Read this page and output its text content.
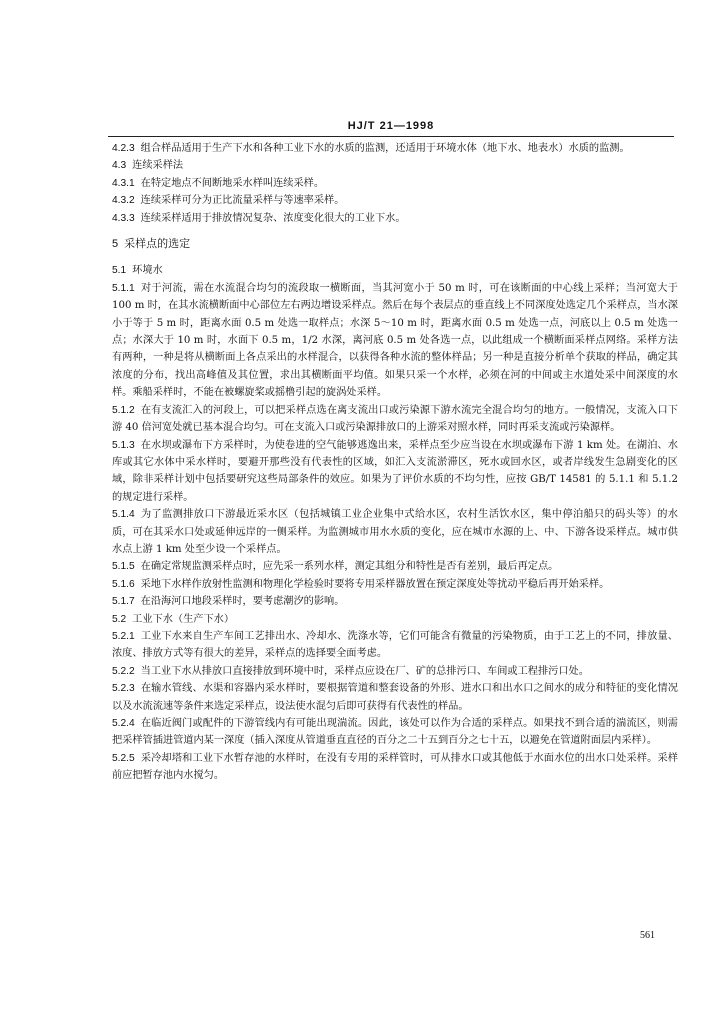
HJ/T 21—1998

4.2.3 组合样品适用于生产下水和各种工业下水的水质的监测，还适用于环境水体（地下水、地表水）水质的监测。

4.3 连续采样法

4.3.1 在特定地点不间断地采水样叫连续采样。

4.3.2 连续采样可分为正比流量采样与等速率采样。

4.3.3 连续采样适用于排放情况复杂、浓度变化很大的工业下水。

5 采样点的选定

5.1 环境水

5.1.1 对于河流，需在水流混合均匀的流段取一横断面，当其河宽小于 50 m 时，可在该断面的中心线上采样；当河宽大于 100 m 时，在其水流横断面中心部位左右两边增设采样点。然后在每个表层点的垂直线上不同深度处选定几个采样点，当水深小于等于 5 m 时，距离水面 0.5 m 处选一取样点；水深 5～10 m 时，距离水面 0.5 m 处选一点，河底以上 0.5 m 处选一点；水深大于 10 m 时，水面下 0.5 m，1/2 水深，离河底 0.5 m 处各选一点，以此组成一个横断面采样点网络。采样方法有两种，一种是将从横断面上各点采出的水样混合，以获得各种水流的整体样品；另一种是直接分析单个获取的样品，确定其浓度的分布，找出高峰值及其位置，求出其横断面平均值。如果只采一个水样，必须在河的中间或主水道处采中间深度的水样。乘船采样时，不能在被螺旋桨或摇橹引起的旋涡处采样。

5.1.2 在有支流汇入的河段上，可以把采样点选在离支流出口或污染源下游水流完全混合均匀的地方。一般情况，支流入口下游 40 倍河宽处就已基本混合均匀。可在支流入口或污染源排放口的上游采对照水样，同时再采支流或污染源样。

5.1.3 在水坝或瀑布下方采样时，为使卷进的空气能够逃逸出来，采样点至少应当设在水坝或瀑布下游 1 km 处。在湖泊、水库或其它水体中采水样时，要避开那些没有代表性的区域，如汇入支流淤滞区，死水或回水区，或者岸线发生急剧变化的区域，除非采样计划中包括要研究这些局部条件的效应。如果为了评价水质的不均匀性，应按 GB/T 14581 的 5.1.1 和 5.1.2 的规定进行采样。

5.1.4 为了监测排放口下游最近采水区（包括城镇工业企业集中式给水区，农村生活饮水区，集中停泊船只的码头等）的水质，可在其采水口处或延伸远岸的一侧采样。为监测城市用水水质的变化，应在城市水源的上、中、下游各设采样点。城市供水点上游 1 km 处至少设一个采样点。

5.1.5 在确定常规监测采样点时，应先采一系列水样，测定其组分和特性是否有差别，最后再定点。

5.1.6 采地下水样作放射性监测和物理化学检验时要将专用采样器放置在预定深度处等扰动平稳后再开始采样。

5.1.7 在沿海河口地段采样时，要考虑潮汐的影响。

5.2 工业下水（生产下水）

5.2.1 工业下水来自生产车间工艺排出水、冷却水、洗涤水等，它们可能含有微量的污染物质，由于工艺上的不同，排放量、浓度、排放方式等有很大的差异，采样点的选择要全面考虑。

5.2.2 当工业下水从排放口直接排放到环境中时，采样点应设在厂、矿的总排污口、车间或工程排污口处。

5.2.3 在输水管线、水渠和容器内采水样时，要根据管道和整套设备的外形、进水口和出水口之间水的成分和特征的变化情况以及水流流速等条件来选定采样点，设法使水混匀后即可获得有代表性的样品。

5.2.4 在临近阀门或配件的下游管线内有可能出现湍流。因此，该处可以作为合适的采样点。如果找不到合适的湍流区，则需把采样管插进管道内某一深度（插入深度从管道垂直直径的百分之二十五到百分之七十五，以避免在管道附面层内采样）。

5.2.5 采冷却塔和工业下水暂存池的水样时，在没有专用的采样管时，可从排水口或其他低于水面水位的出水口处采样。采样前应把暂存池内水搅匀。

561
